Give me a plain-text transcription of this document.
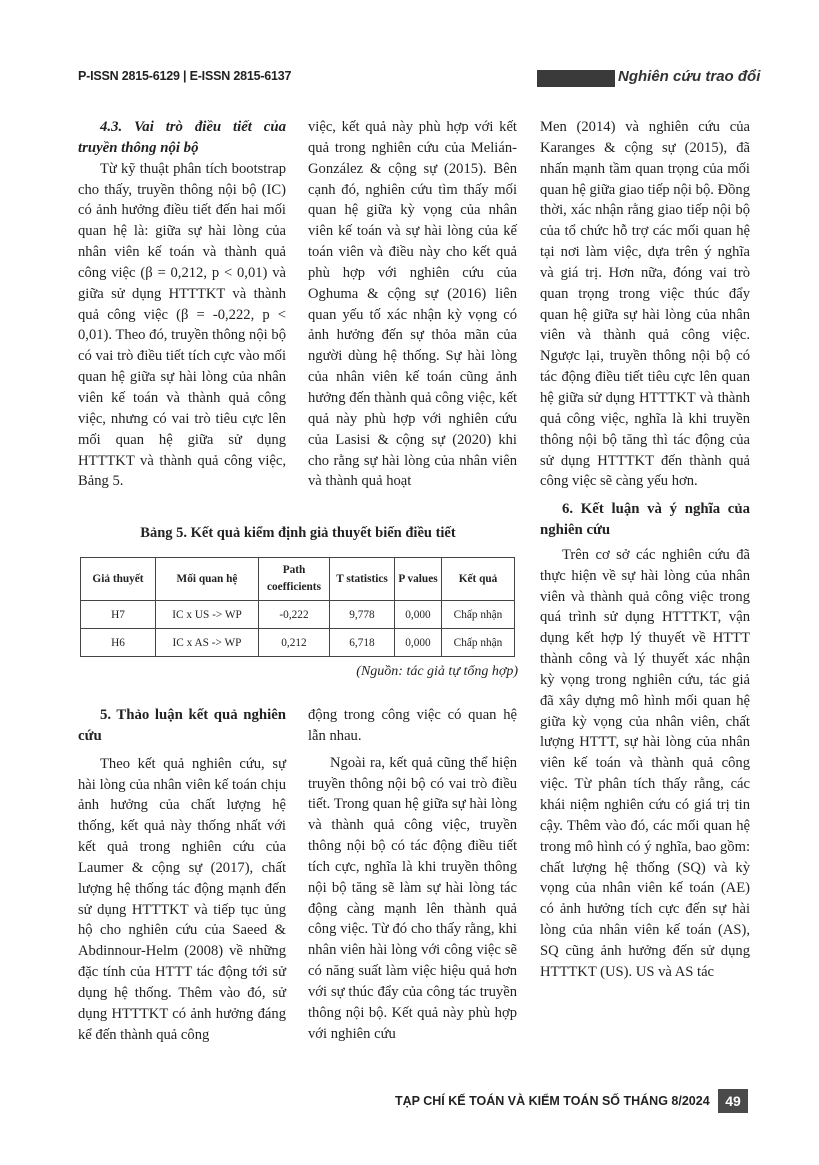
P-ISSN 2815-6129 | E-ISSN 2815-6137	Nghiên cứu trao đổi
4.3. Vai trò điều tiết của truyền thông nội bộ

Từ kỹ thuật phân tích bootstrap cho thấy, truyền thông nội bộ (IC) có ảnh hưởng điều tiết đến hai mối quan hệ là: giữa sự hài lòng của nhân viên kế toán và thành quả công việc (β = 0,212, p < 0,01) và giữa sử dụng HTTTKT và thành quả công việc (β = -0,222, p < 0,01). Theo đó, truyền thông nội bộ có vai trò điều tiết tích cực vào mối quan hệ giữa sự hài lòng của nhân viên kế toán và thành quả công việc, nhưng có vai trò tiêu cực lên mối quan hệ giữa sử dụng HTTTKT và thành quả công việc, Bảng 5.

việc, kết quả này phù hợp với kết quả trong nghiên cứu của Melián-González & cộng sự (2015). Bên cạnh đó, nghiên cứu tìm thấy mối quan hệ giữa kỳ vọng của nhân viên kế toán và sự hài lòng của kế toán viên và điều này cho kết quả phù hợp với nghiên cứu của Oghuma & cộng sự (2016) liên quan yếu tố xác nhận kỳ vọng có ảnh hưởng đến sự thỏa mãn của người dùng hệ thống. Sự hài lòng của nhân viên kế toán cũng ảnh hưởng đến thành quả công việc, kết quả này phù hợp với nghiên cứu của Lasisi & cộng sự (2020) khi cho rằng sự hài lòng của nhân viên và thành quả hoạt

Men (2014) và nghiên cứu của Karanges & cộng sự (2015), đã nhấn mạnh tầm quan trọng của mối quan hệ giữa giao tiếp nội bộ. Đồng thời, xác nhận rằng giao tiếp nội bộ của tổ chức hỗ trợ các mối quan hệ tại nơi làm việc, dựa trên ý nghĩa và giá trị. Hơn nữa, đóng vai trò quan trọng trong việc thúc đẩy quan hệ giữa sự hài lòng của nhân viên và thành quả công việc. Ngược lại, truyền thông nội bộ có tác động điều tiết tiêu cực lên quan hệ giữa sử dụng HTTTKT và thành quả công việc, nghĩa là khi truyền thông nội bộ tăng thì tác động của sử dụng HTTTKT đến thành quả công việc sẽ càng yếu hơn.

6. Kết luận và ý nghĩa của nghiên cứu

Trên cơ sở các nghiên cứu đã thực hiện về sự hài lòng của nhân viên và thành quả công việc trong quá trình sử dụng HTTTKT, vận dụng kết hợp lý thuyết về HTTT thành công và lý thuyết xác nhận kỳ vọng trong nghiên cứu, tác giả đã xây dựng mô hình mối quan hệ giữa kỳ vọng của nhân viên, chất lượng HTTT, sự hài lòng của nhân viên kế toán và thành quả công việc. Từ phân tích thấy rằng, các khái niệm nghiên cứu có giá trị tin cậy. Thêm vào đó, các mối quan hệ trong mô hình có ý nghĩa, bao gồm: chất lượng hệ thống (SQ) và kỳ vọng của nhân viên kế toán (AE) có ảnh hưởng tích cực đến sự hài lòng của nhân viên kế toán (AS), SQ cũng ảnh hưởng đến sử dụng HTTTKT (US). US và AS tác

Bảng 5. Kết quả kiểm định giả thuyết biến điều tiết
Giả thuyết	Mối quan hệ	Path coefficients	T statistics	P values	Kết quả
H7	IC x US -> WP	-0,222	9,778	0,000	Chấp nhận
H6	IC x AS -> WP	0,212	6,718	0,000	Chấp nhận
(Nguồn: tác giả tự tổng hợp)
5. Thảo luận kết quả nghiên cứu

Theo kết quả nghiên cứu, sự hài lòng của nhân viên kế toán chịu ảnh hưởng của chất lượng hệ thống, kết quả này thống nhất với kết quả trong nghiên cứu của Laumer & cộng sự (2017), chất lượng hệ thống tác động mạnh đến sử dụng HTTTKT và tiếp tục ủng hộ cho nghiên cứu của Saeed & Abdinnour-Helm (2008) về những đặc tính của HTTT tác động tới sử dụng hệ thống. Thêm vào đó, sử dụng HTTTKT có ảnh hưởng đáng kể đến thành quả công

động trong công việc có quan hệ lẫn nhau.

Ngoài ra, kết quả cũng thể hiện truyền thông nội bộ có vai trò điều tiết. Trong quan hệ giữa sự hài lòng và thành quả công việc, truyền thông nội bộ có tác động điều tiết tích cực, nghĩa là khi truyền thông nội bộ tăng sẽ làm sự hài lòng tác động càng mạnh lên thành quả công việc. Từ đó cho thấy rằng, khi nhân viên hài lòng với công việc sẽ có năng suất làm việc hiệu quả hơn với sự thúc đẩy của công tác truyền thông nội bộ. Kết quả này phù hợp với nghiên cứu

TẠP CHÍ KẾ TOÁN VÀ KIỂM TOÁN SỐ THÁNG 8/2024	49
